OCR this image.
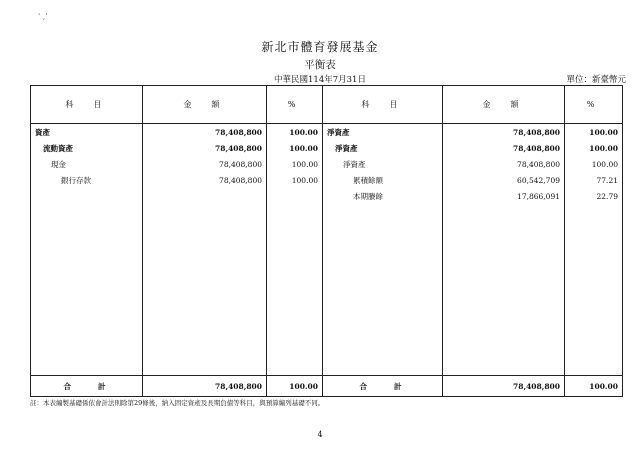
' ,'
新北市體育發展基金
平衡表
中華民國114年7月31日	單位：新臺幣元
科　目	金　額	%	科　目	金　額	%
資產	78,408,800	100.00	淨資產	78,408,800	100.00
流動資產	78,408,800	100.00	淨資產	78,408,800	100.00
現金	78,408,800	100.00	淨資產	78,408,800	100.00
銀行存款	78,408,800	100.00	累積餘額	60,542,709	77.21
			本期賸餘	17,866,091	22.79

合　　計	78,408,800	100.00	合　　計	78,408,800	100.00
註：本表編製基礎係依會計法則除第29條後，納入固定資產及長期負債等科目，與預算編列基礎不同。
4
